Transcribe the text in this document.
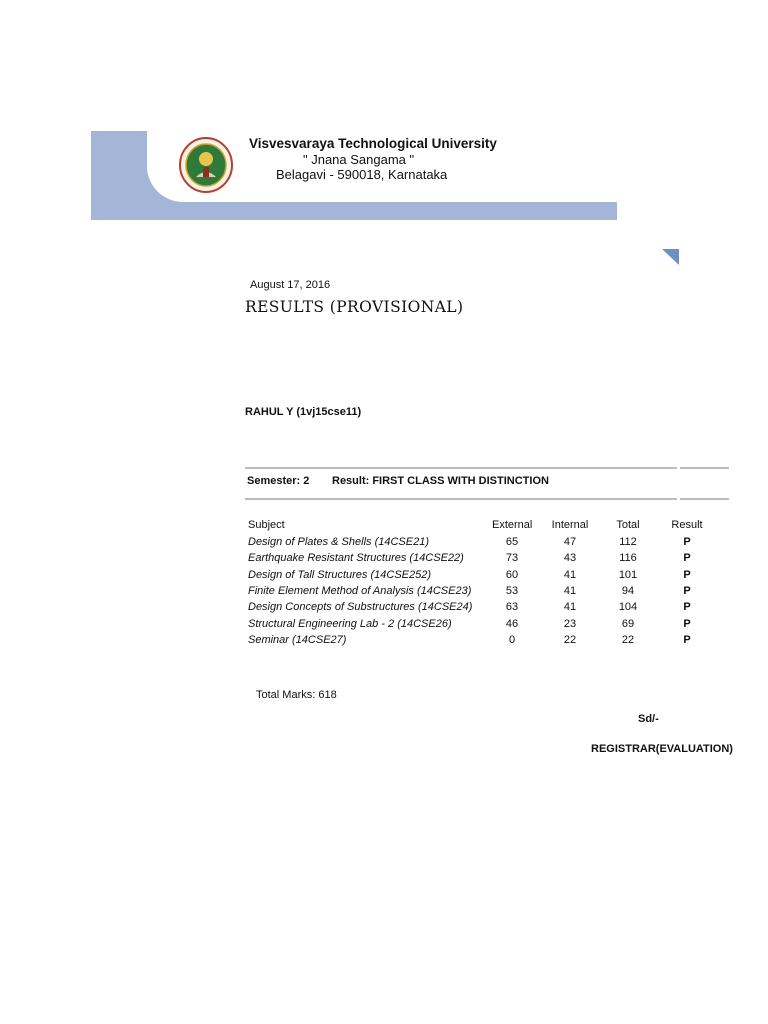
Visvesvaraya Technological University
" Jnana Sangama "
Belagavi - 590018, Karnataka
August 17, 2016
RESULTS (PROVISIONAL)
RAHUL Y (1vj15cse11)
Semester: 2 Result: FIRST CLASS WITH DISTINCTION
Subject	External Internal	Total	Result
Design of Plates & Shells (14CSE21)	65	47	112	P
Earthquake Resistant Structures (14CSE22)	73	43	116	P
Design of Tall Structures (14CSE252)	60	41	101	P
Finite Element Method of Analysis (14CSE23)	53	41	94	P
Design Concepts of Substructures (14CSE24)	63	41	104	P
Structural Engineering Lab - 2 (14CSE26)	46	23	69	P
Seminar (14CSE27)	0	22	22	P
Total Marks: 618
Sd/-
REGISTRAR(EVALUATION)
